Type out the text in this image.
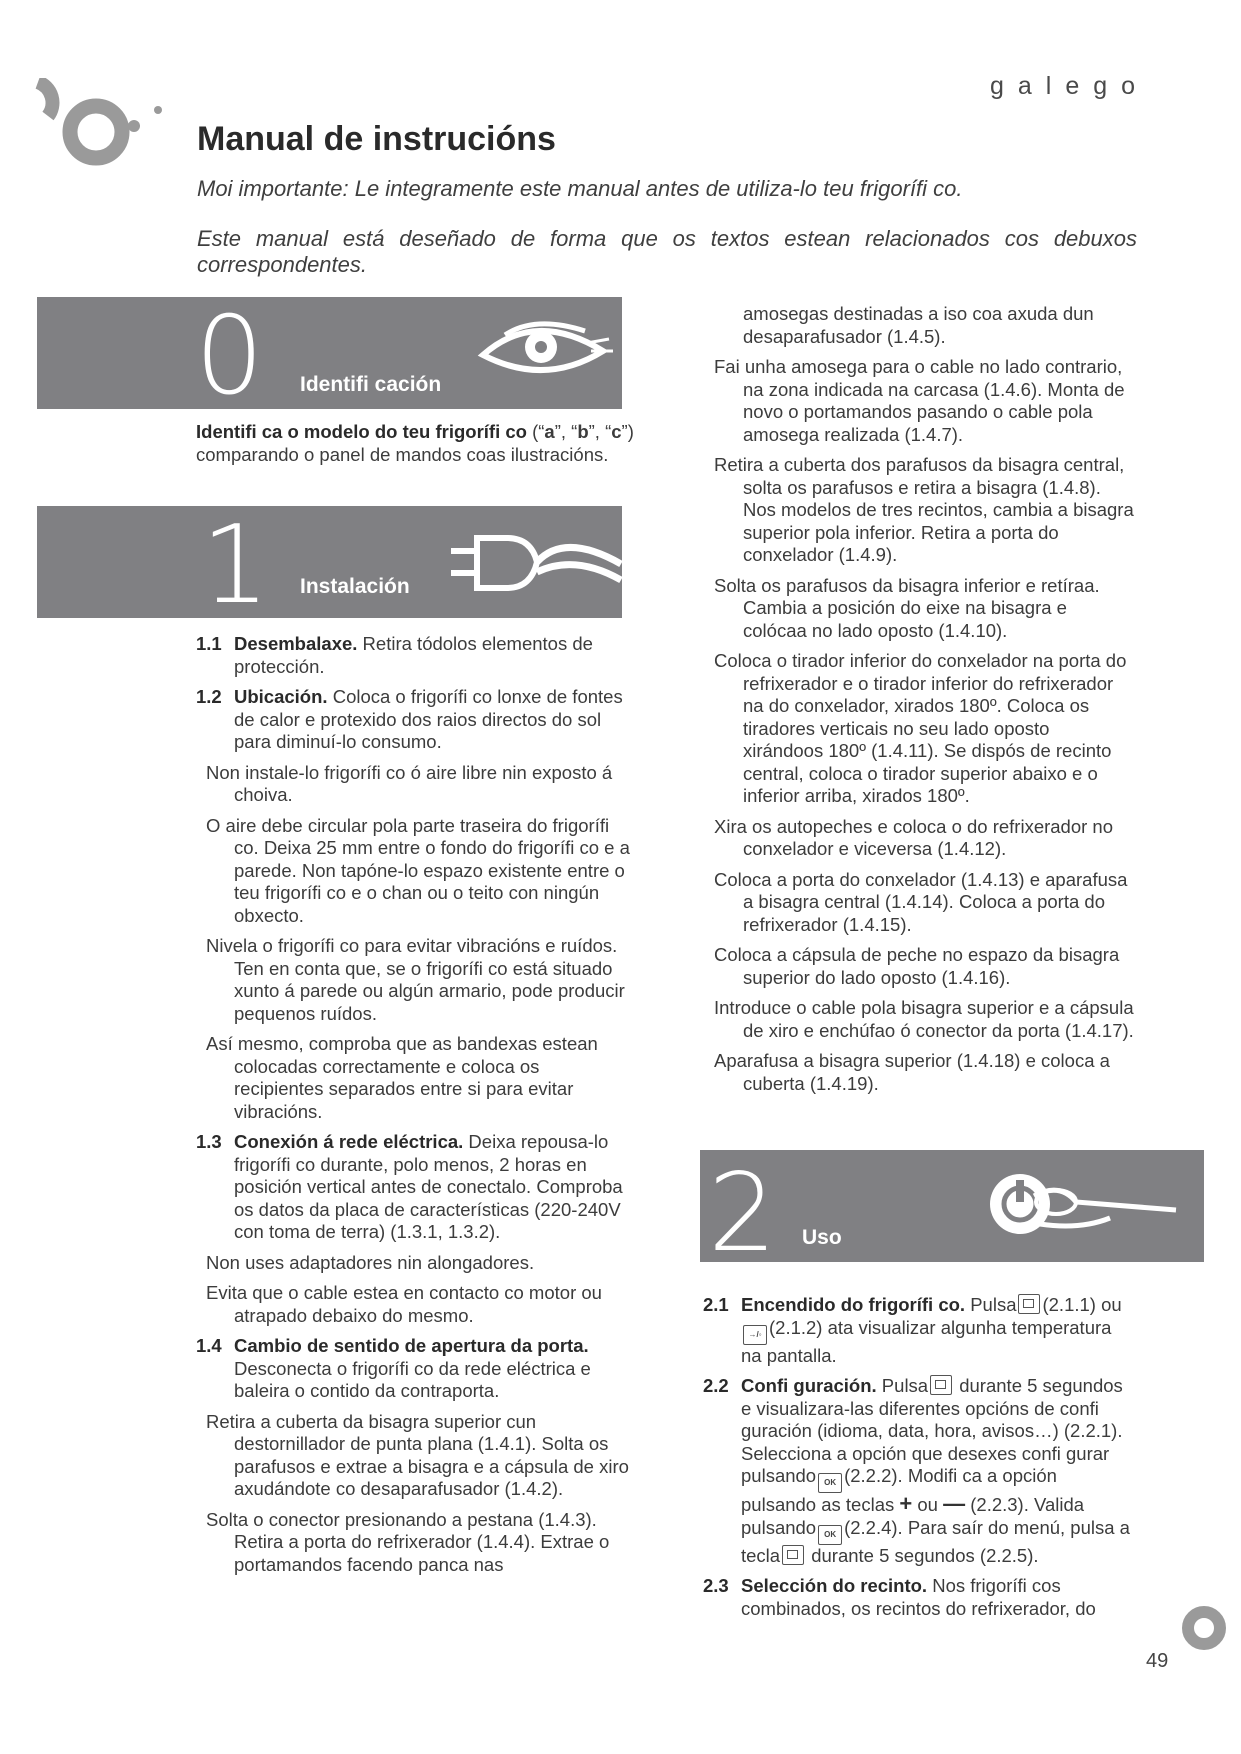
galego
Manual de instrucións
Moi importante: Le integramente este manual antes de utiliza-lo teu frigorífi co.
Este manual está deseñado de forma que os textos estean relacionados cos debuxos correspondentes.
0 Identifi cación
1 Instalación
2 Uso

Identifi ca o modelo do teu frigorífi co (“a”, “b”, “c”) comparando o panel de mandos coas ilustracións.

1.1 Desembalaxe. Retira tódolos elementos de protección.

1.2 Ubicación. Coloca o frigorífi co lonxe de fontes de calor e protexido dos raios directos do sol para diminuí-lo consumo.

Non instale-lo frigorífi co ó aire libre nin exposto á choiva.

O aire debe circular pola parte traseira do frigorífi co. Deixa 25 mm entre o fondo do frigorífi co e a parede. Non tapóne-lo espazo existente entre o teu frigorífi co e o chan ou o teito con ningún obxecto.

Nivela o frigorífi co para evitar vibracións e ruídos. Ten en conta que, se o frigorífi co está situado xunto á parede ou algún armario, pode producir pequenos ruídos.

Así mesmo, comproba que as bandexas estean colocadas correctamente e coloca os recipientes separados entre si para evitar vibracións.

1.3 Conexión á rede eléctrica. Deixa repousa-lo frigorífi co durante, polo menos, 2 horas en posición vertical antes de conectalo. Comproba os datos da placa de características (220-240V con toma de terra) (1.3.1, 1.3.2).

Non uses adaptadores nin alongadores.

Evita que o cable estea en contacto co motor ou atrapado debaixo do mesmo.

1.4 Cambio de sentido de apertura da porta. Desconecta o frigorífi co da rede eléctrica e baleira o contido da contraporta.

Retira a cuberta da bisagra superior cun destornillador de punta plana (1.4.1). Solta os parafusos e extrae a bisagra e a cápsula de xiro axudándote co desaparafusador (1.4.2).

Solta o conector presionando a pestana (1.4.3). Retira a porta do refrixerador (1.4.4). Extrae o portamandos facendo panca nas

amosegas destinadas a iso coa axuda dun desaparafusador (1.4.5).

Fai unha amosega para o cable no lado contrario, na zona indicada na carcasa (1.4.6). Monta de novo o portamandos pasando o cable pola amosega realizada (1.4.7).

Retira a cuberta dos parafusos da bisagra central, solta os parafusos e retira a bisagra (1.4.8). Nos modelos de tres recintos, cambia a bisagra superior pola inferior. Retira a porta do conxelador (1.4.9).

Solta os parafusos da bisagra inferior e retíraa. Cambia a posición do eixe na bisagra e colócaa no lado oposto (1.4.10).

Coloca o tirador inferior do conxelador na porta do refrixerador e o tirador inferior do refrixerador na do conxelador, xirados 180º. Coloca os tiradores verticais no seu lado oposto xirándoos 180º (1.4.11). Se dispós de recinto central, coloca o tirador superior abaixo e o inferior arriba, xirados 180º.

Xira os autopeches e coloca o do refrixerador no conxelador e viceversa (1.4.12).

Coloca a porta do conxelador (1.4.13) e aparafusa a bisagra central (1.4.14). Coloca a porta do refrixerador (1.4.15).

Coloca a cápsula de peche no espazo da bisagra superior do lado oposto (1.4.16).

Introduce o cable pola bisagra superior e a cápsula de xiro e enchúfao ó conector da porta (1.4.17).

Aparafusa a bisagra superior (1.4.18) e coloca a cuberta (1.4.19).

2.1 Encendido do frigorífi co. Pulsa (2.1.1) ou →/◦ (2.1.2) ata visualizar algunha temperatura na pantalla.

2.2 Confi guración. Pulsa
durante 5 segundos e visualizara-las diferentes opcións de confi guración (idioma, data, hora, avisos…) (2.2.1). Selecciona a opción que desexes confi gurar pulsando OK (2.2.2). Modifi ca a opción pulsando as teclas + ou — (2.2.3). Valida pulsando OK (2.2.4). Para saír do menú, pulsa a tecla
durante 5 segundos (2.2.5).

2.3 Selección do recinto. Nos frigorífi cos combinados, os recintos do refrixerador, do

49
